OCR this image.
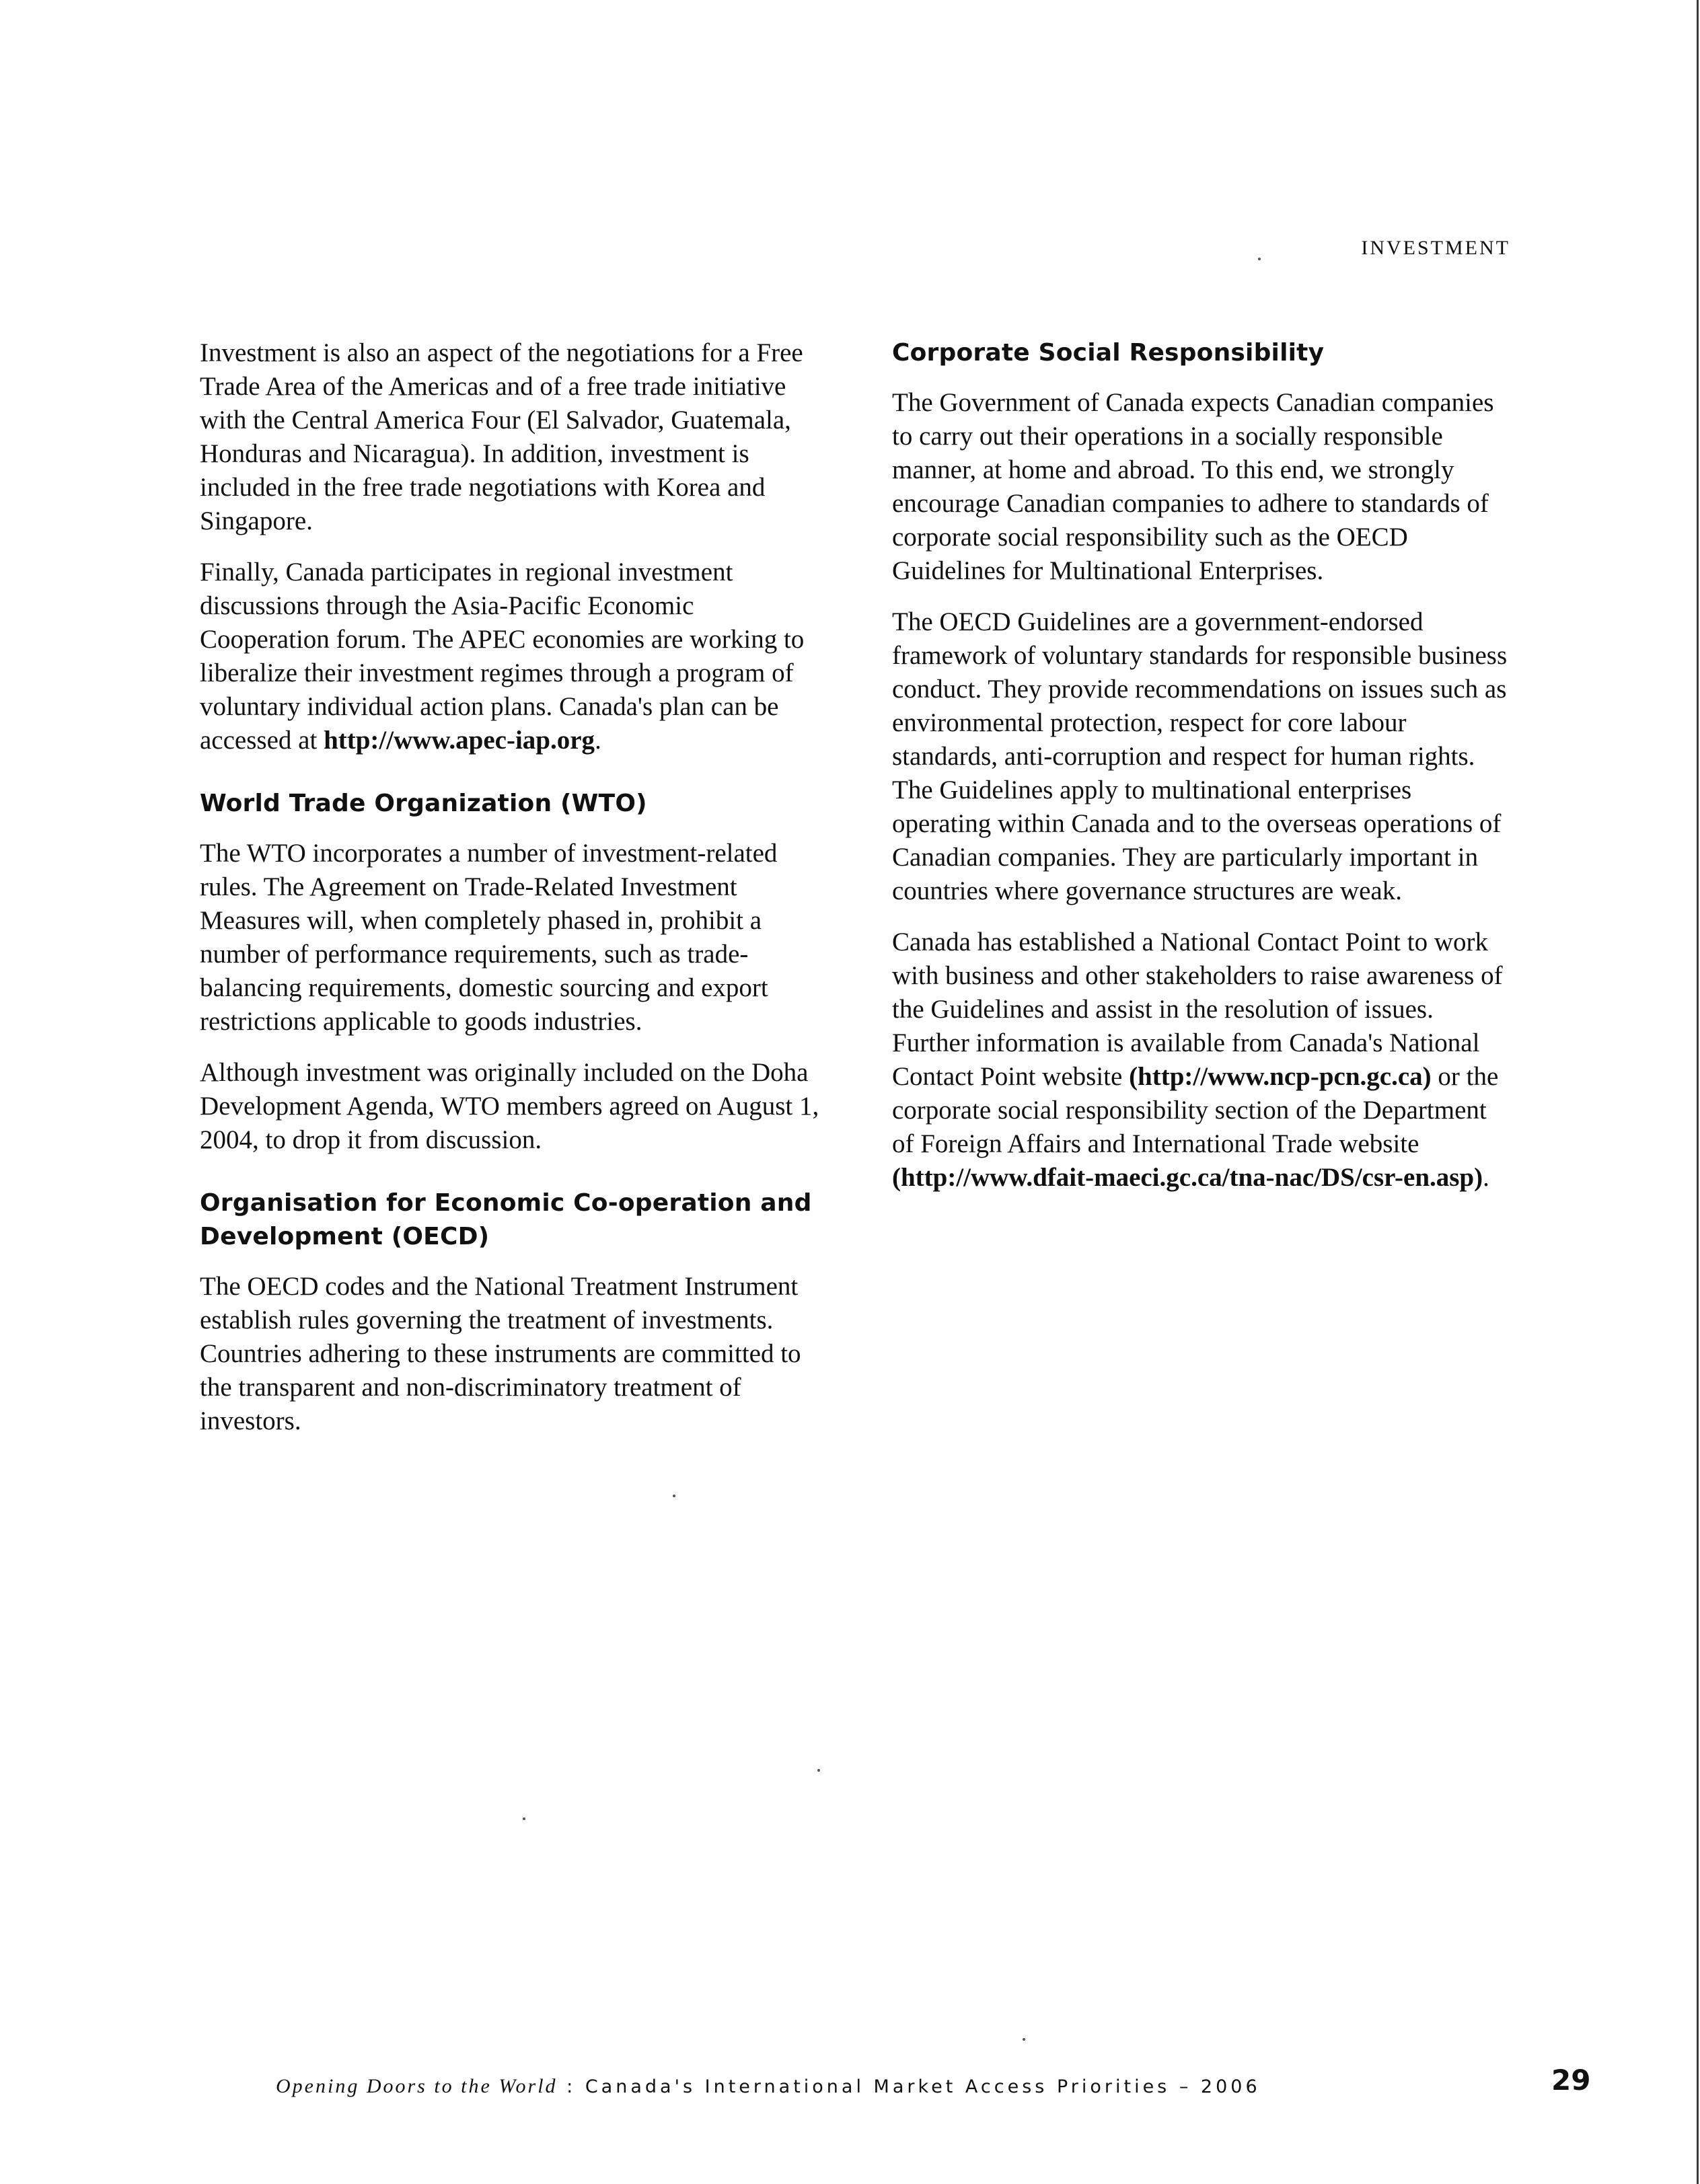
INVESTMENT

Investment is also an aspect of the negotiations for a Free Trade Area of the Americas and of a free trade initiative with the Central America Four (El Salvador, Guatemala, Honduras and Nicaragua). In addition, investment is included in the free trade negotiations with Korea and Singapore.

Finally, Canada participates in regional investment discussions through the Asia-Pacific Economic Cooperation forum. The APEC economies are working to liberalize their investment regimes through a program of voluntary individual action plans. Canada's plan can be accessed at http://www.apec-iap.org.

World Trade Organization (WTO)

The WTO incorporates a number of investment-related rules. The Agreement on Trade-Related Investment Measures will, when completely phased in, prohibit a number of performance requirements, such as trade-balancing requirements, domestic sourcing and export restrictions applicable to goods industries.

Although investment was originally included on the Doha Development Agenda, WTO members agreed on August 1, 2004, to drop it from discussion.

Organisation for Economic Co-operation and Development (OECD)

The OECD codes and the National Treatment Instrument establish rules governing the treatment of investments. Countries adhering to these instruments are committed to the transparent and non-discriminatory treatment of investors.

Corporate Social Responsibility

The Government of Canada expects Canadian companies to carry out their operations in a socially responsible manner, at home and abroad. To this end, we strongly encourage Canadian companies to adhere to standards of corporate social responsibility such as the OECD Guidelines for Multinational Enterprises.

The OECD Guidelines are a government-endorsed framework of voluntary standards for responsible business conduct. They provide recommendations on issues such as environmental protection, respect for core labour standards, anti-corruption and respect for human rights. The Guidelines apply to multinational enterprises operating within Canada and to the overseas operations of Canadian companies. They are particularly important in countries where governance structures are weak.

Canada has established a National Contact Point to work with business and other stakeholders to raise awareness of the Guidelines and assist in the resolution of issues. Further information is available from Canada's National Contact Point website (http://www.ncp-pcn.gc.ca) or the corporate social responsibility section of the Department of Foreign Affairs and International Trade website (http://www.dfait-maeci.gc.ca/tna-nac/DS/csr-en.asp).

Opening Doors to the World : Canada's International Market Access Priorities – 2006	29
